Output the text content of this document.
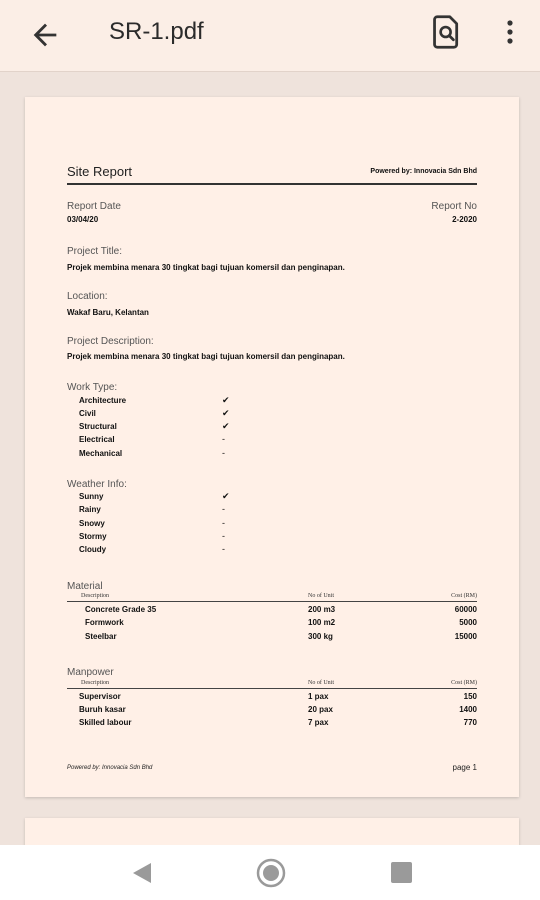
SR-1.pdf
Site Report	Powered by: Innovacia Sdn Bhd
Report Date
03/04/20
Report No
2-2020
Project Title:
Projek membina menara 30 tingkat bagi tujuan komersil dan penginapan.
Location:
Wakaf Baru, Kelantan
Project Description:
Projek membina menara 30 tingkat bagi tujuan komersil dan penginapan.
Work Type:
Architecture	✔
Civil	✔
Structural	✔
Electrical	-
Mechanical	-
Weather Info:
Sunny	✔
Rainy	-
Snowy	-
Stormy	-
Cloudy	-
Material
Description	No of Unit	Cost (RM)
Concrete Grade 35	200 m3	60000
Formwork	100 m2	5000
Steelbar	300 kg	15000
Manpower
Description	No of Unit	Cost (RM)
Supervisor	1 pax	150
Buruh kasar	20 pax	1400
Skilled labour	7 pax	770
Powered by: Innovacia Sdn Bhd	page 1
